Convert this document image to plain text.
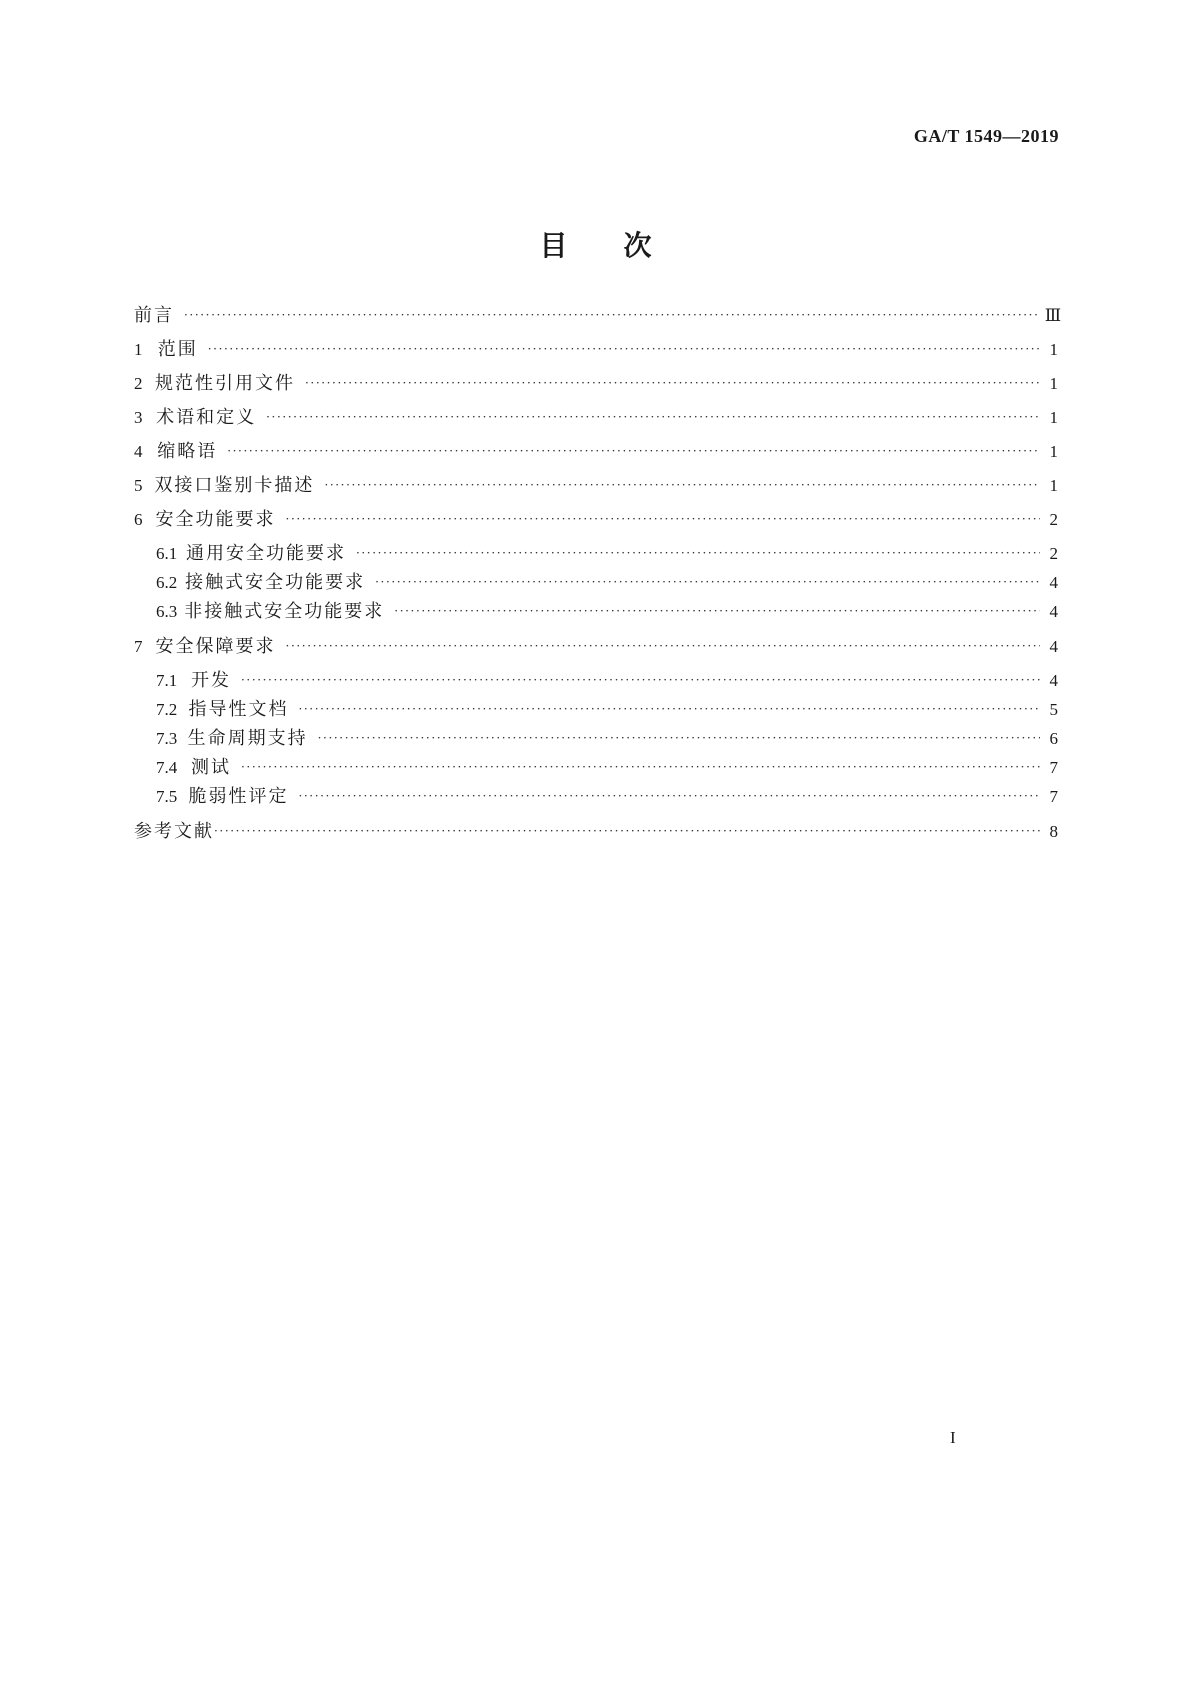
GA/T 1549—2019
目次
前言 ·····	Ⅲ
1 范围 ·····	1
2 规范性引用文件 ·····	1
3 术语和定义 ·····	1
4 缩略语 ·····	1
5 双接口鉴别卡描述 ·····	1
6 安全功能要求 ·····	2
6.1 通用安全功能要求 ·····	2
6.2 接触式安全功能要求 ·····	4
6.3 非接触式安全功能要求 ·····	4
7 安全保障要求 ·····	4
7.1 开发 ·····	4
7.2 指导性文档 ·····	5
7.3 生命周期支持 ·····	6
7.4 测试 ·····	7
7.5 脆弱性评定 ·····	7
参考文献 ·····	8
I
